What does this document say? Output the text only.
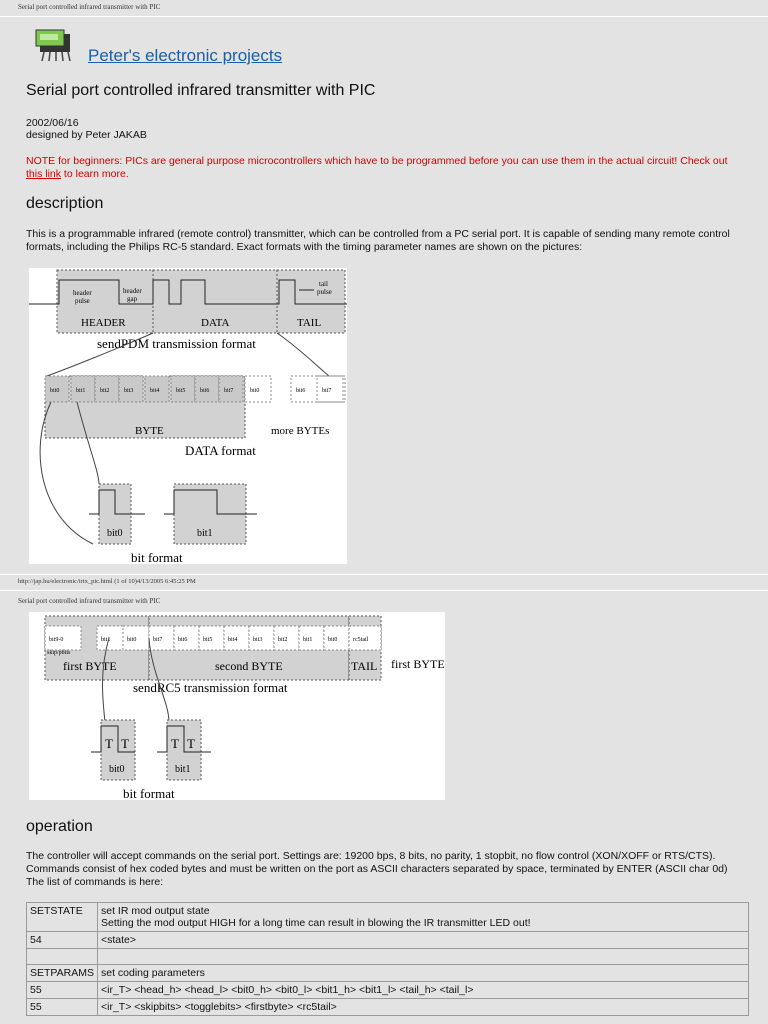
Serial port controlled infrared transmitter with PIC
Peter's electronic projects
Serial port controlled infrared transmitter with PIC
2002/06/16
designed by Peter JAKAB
NOTE for beginners: PICs are general purpose microcontrollers which have to be programmed before you can use them in the actual circuit! Check out this link to learn more.
description
This is a programmable infrared (remote control) transmitter, which can be controlled from a PC serial port. It is capable of sending many remote control formats, including the Philips RC-5 standard. Exact formats with the timing parameter names are shown on the pictures:
header
pulse
header
gap
tail
pulse
HEADER	DATA	TAIL
sendPDM transmission format
bit0	bit1 bit2 bit3	bit4	bit5 bit6 bit7	bit0	bit6	bit7
BYTE	more BYTEs
DATA format
bit0	bit1
bit format
http://jap.hu/electronic/irtx_pic.html (1 of 10)4/13/2005 6:45:25 PM
Serial port controlled infrared transmitter with PIC
bit9-0	bit1	bit0	bit7	bit6	bit5	bit4	bit3	bit2	bit1	bit0	rc5tail
skip/pbits
first BYTE	second BYTE	TAIL first BYTE
sendRC5 transmission format
T T	T T
bit0	bit1
bit format
operation
The controller will accept commands on the serial port. Settings are: 19200 bps, 8 bits, no parity, 1 stopbit, no flow control (XON/XOFF or RTS/CTS). Commands consist of hex coded bytes and must be written on the port as ASCII characters separated by space, terminated by ENTER (ASCII char 0d) The list of commands is here:
SETSTATE	set IR mod output state
Setting the mod output HIGH for a long time can result in blowing the IR transmitter LED out!

54	<state>

SETPARAMS	set coding parameters

55	<ir_T> <head_h> <head_l> <bit0_h> <bit0_l> <bit1_h> <bit1_l> <tail_h> <tail_l>

55	<ir_T> <skipbits> <togglebits> <firstbyte> <rc5tail>
